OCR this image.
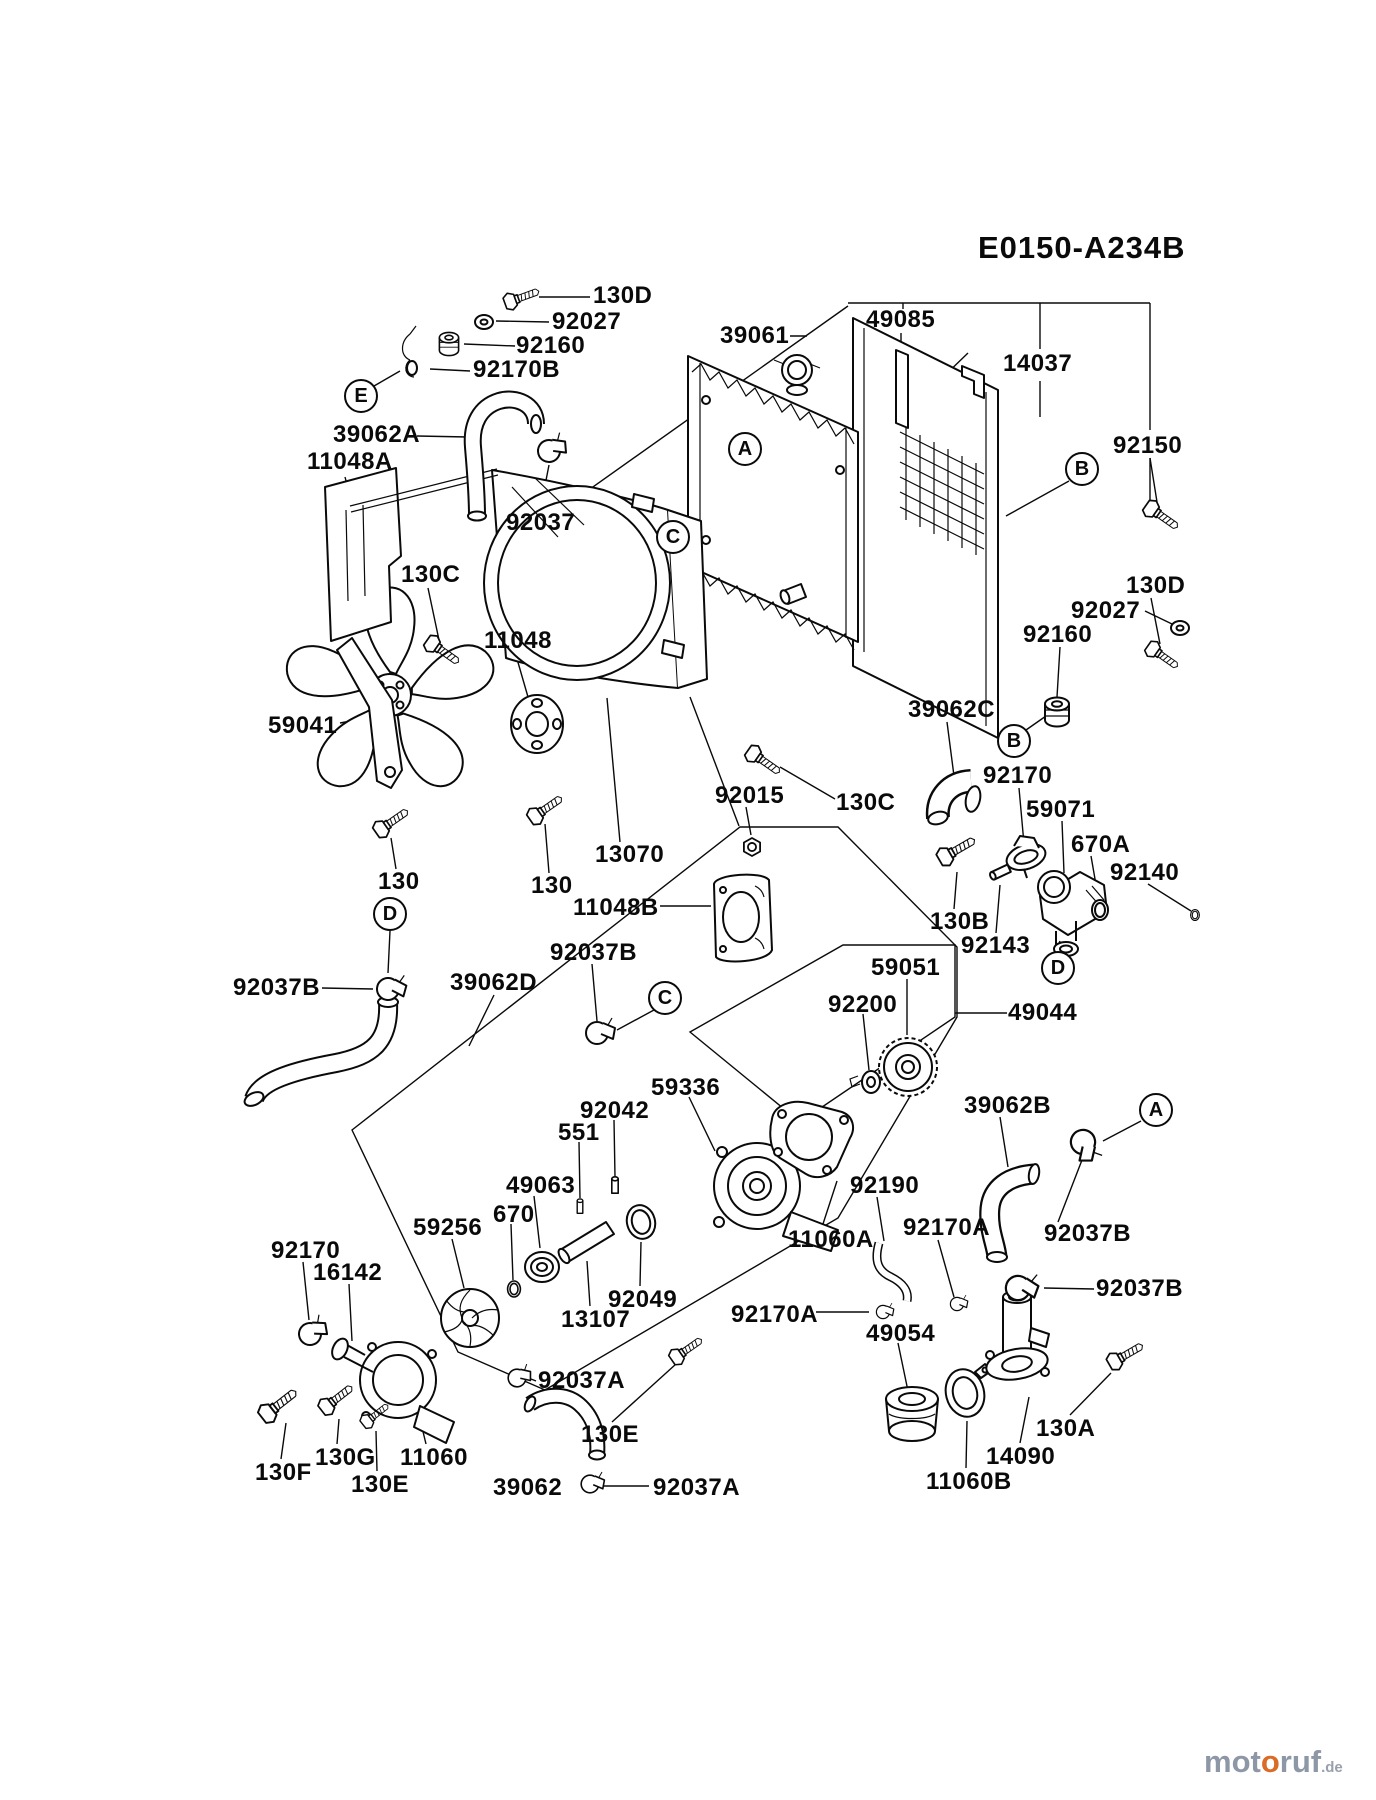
E0150-A234B
130D
92027
92160
92170B
39062A
11048A
39061
49085
14037
92150
92037
130C
11048
59041
130D
92027
92160
39062C
92170
59071
670A
92140
92015 130C
13070
130	130
11048B
130B
92143
92037B	39062D
92037B
59051
92200	49044
59336
92042
551
49063
670
59256
92170
16142
92049
13107	92170A
92037A
130E
130F
130G
130E
11060
39062	92037A
39062B
92037B
92037B
92190
92170A
11060A
49054
130A
14090
11060B
E
A
B
C
B
D
D
C
A
motoruf.de
